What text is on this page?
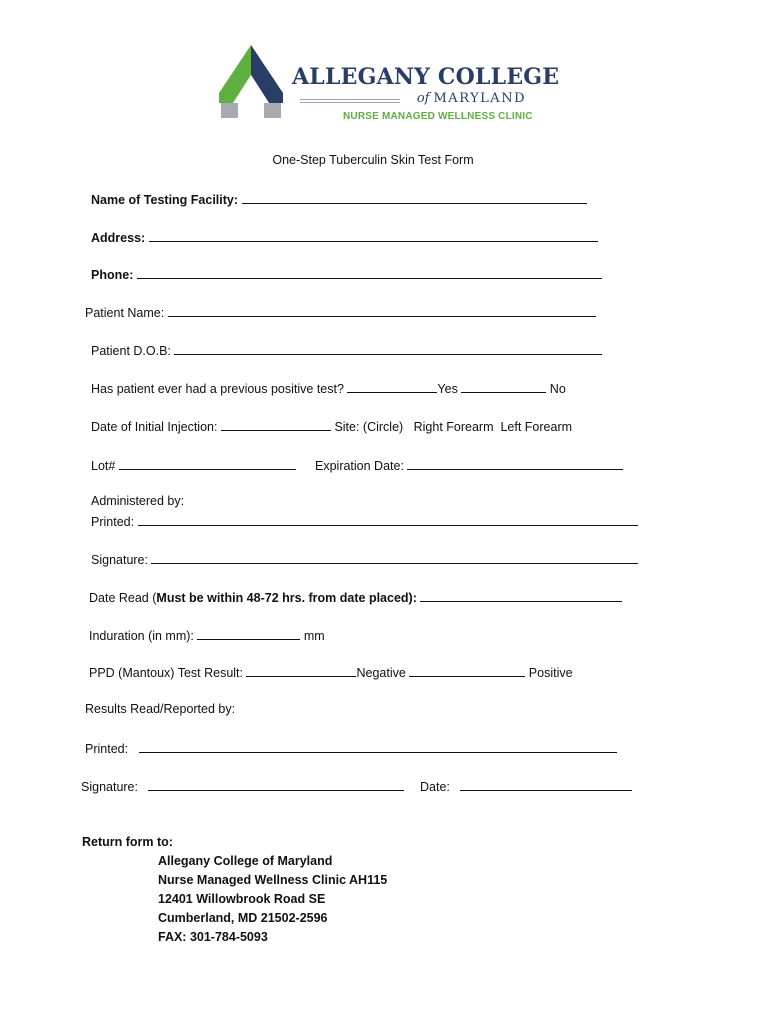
ALLEGANY COLLEGE
of MARYLAND
NURSE MANAGED WELLNESS CLINIC
One-Step Tuberculin Skin Test Form
Name of Testing Facility:
Address:
Phone:
Patient Name:
Patient D.O.B:
Has patient ever had a previous positive test?	Yes	No
Date of Initial Injection:	Site: (Circle) Right Forearm Left Forearm
Lot#	Expiration Date:
Administered by:
Printed:
Signature:
Date Read (Must be within 48-72 hrs. from date placed):
Induration (in mm):	mm
PPD (Mantoux) Test Result:	Negative	Positive
Results Read/Reported by:
Printed:
Signature:	Date:
Return form to:
Allegany College of Maryland
Nurse Managed Wellness Clinic AH115
12401 Willowbrook Road SE
Cumberland, MD 21502-2596
FAX: 301-784-5093
